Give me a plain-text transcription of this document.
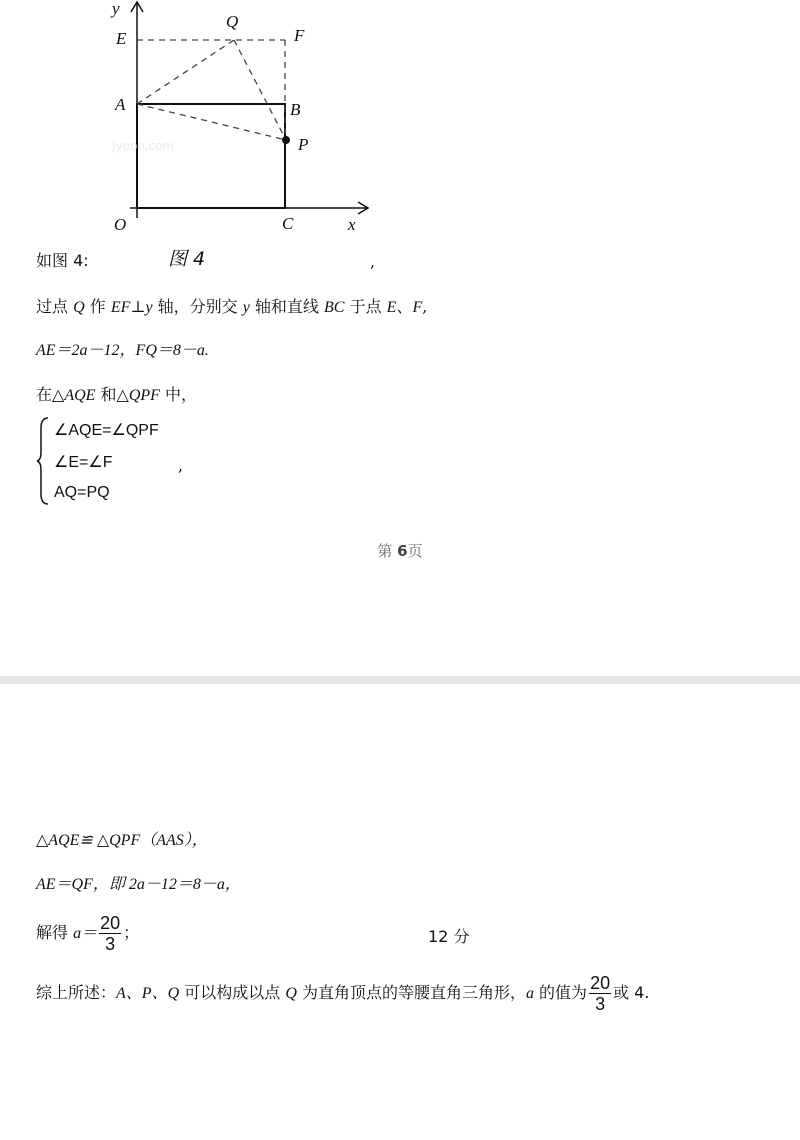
y
E
Q
F
A	B
P
O	C	x
Jyeoo.com
如图 4:	图 4	,
过点 Q 作 EF⊥y 轴，分别交 y 轴和直线 BC 于点 E、F,
AE＝2a－12，FQ＝8－a.
在△AQE 和△QPF 中，
∠AQE=∠QPF
∠E=∠F
AQ=PQ
,
第 6页
△AQE≌ △QPF（AAS），
AE＝QF，即 2a－12＝8－a，
解得 $a= \frac{20}{3}$ ；	12 分
综上所述：A、P、Q 可以构成以点 Q 为直角顶点的等腰直角三角形，a 的值为 $\frac{20}{3}$ 或 4.
